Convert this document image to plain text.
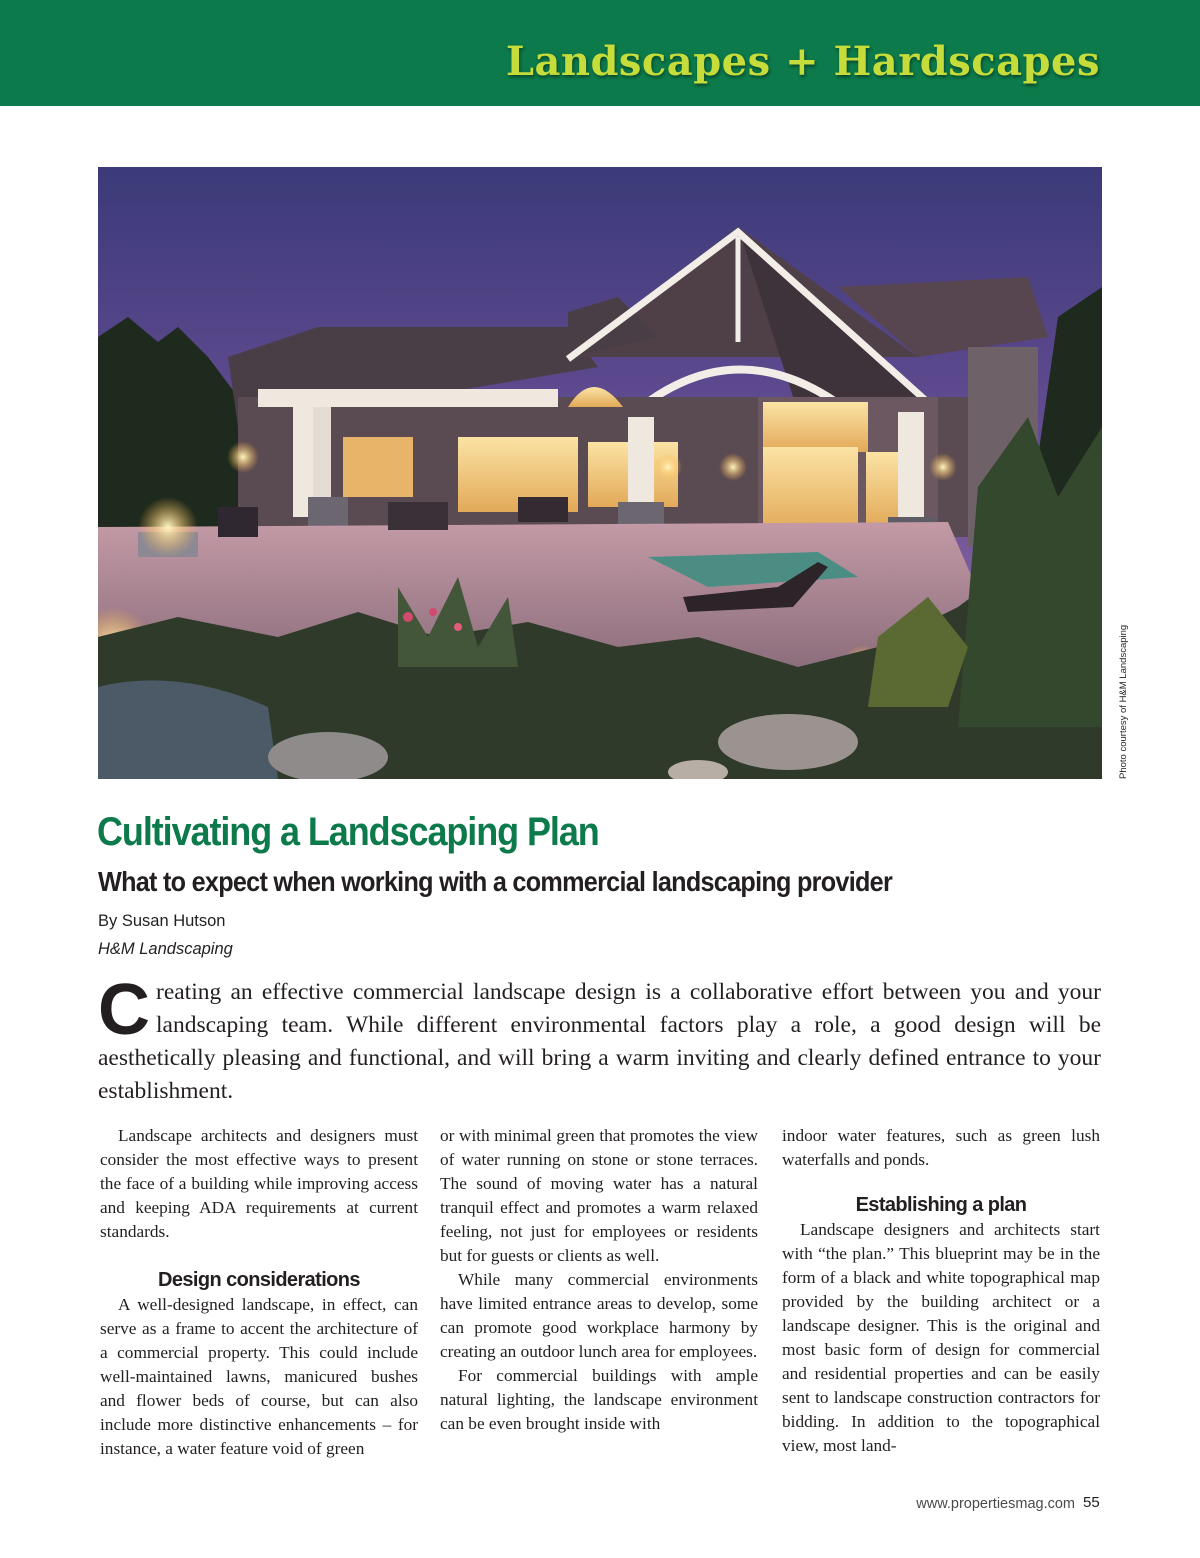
Landscapes + Hardscapes
Photo courtesy of H&M Landscaping
Cultivating a Landscaping Plan
What to expect when working with a commercial landscaping provider
By Susan Hutson
H&M Landscaping
Creating an effective commercial landscape design is a collaborative effort between you and your landscaping team. While different environmental factors play a role, a good design will be aesthetically pleasing and functional, and will bring a warm inviting and clearly defined entrance to your establishment.

Landscape architects and designers must consider the most effective ways to present the face of a building while improving access and keeping ADA requirements at current standards.

Design considerations

A well-designed landscape, in effect, can serve as a frame to accent the architecture of a commercial property. This could include well-maintained lawns, manicured bushes and flower beds of course, but can also include more distinctive enhancements – for instance, a water feature void of green

or with minimal green that promotes the view of water running on stone or stone terraces. The sound of moving water has a natural tranquil effect and promotes a warm relaxed feeling, not just for employees or residents but for guests or clients as well.

While many commercial environments have limited entrance areas to develop, some can promote good workplace harmony by creating an outdoor lunch area for employees.

For commercial buildings with ample natural lighting, the landscape environment can be even brought inside with

indoor water features, such as green lush waterfalls and ponds.

Establishing a plan

Landscape designers and architects start with “the plan.” This blueprint may be in the form of a black and white topographical map provided by the building architect or a landscape designer. This is the original and most basic form of design for commercial and residential properties and can be easily sent to landscape construction contractors for bidding. In addition to the topographical view, most land-

www.propertiesmag.com 55
